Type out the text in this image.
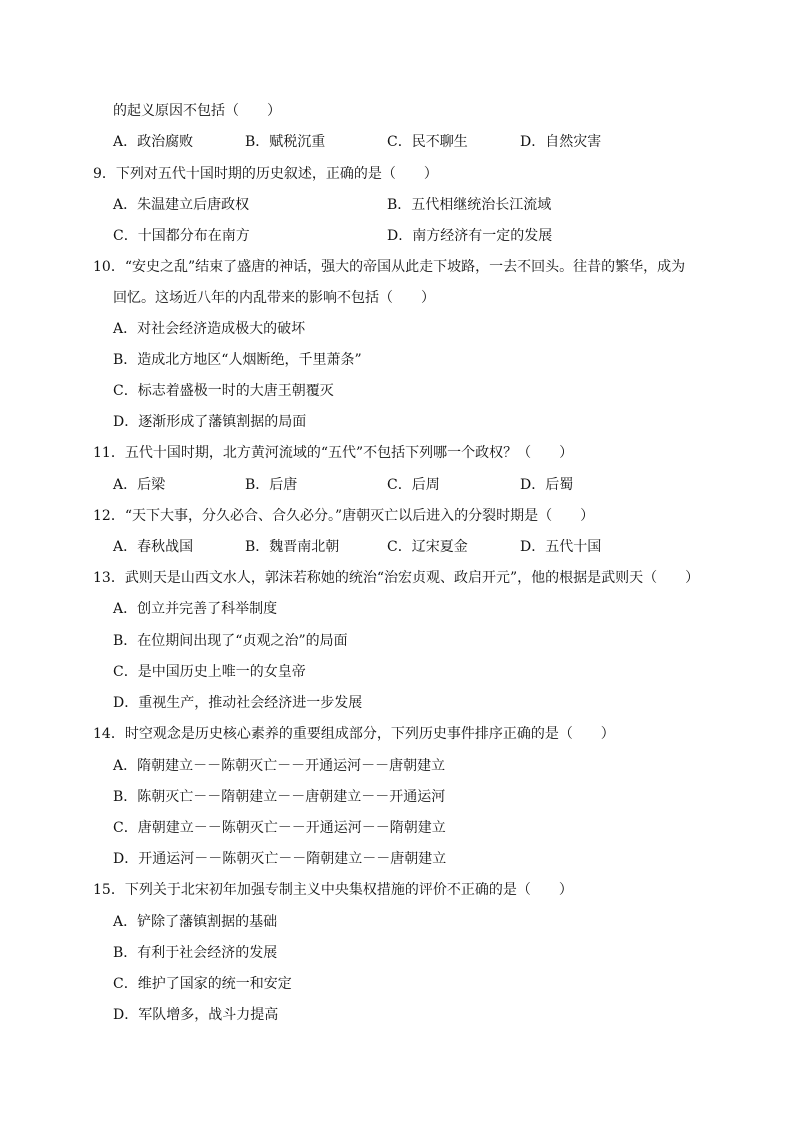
的起义原因不包括（　　）
A．政治腐败	B．赋税沉重	C．民不聊生	D．自然灾害
9．下列对五代十国时期的历史叙述，正确的是（　　）
A．朱温建立后唐政权	B．五代相继统治长江流域
C．十国都分布在南方	D．南方经济有一定的发展
10．“安史之乱”结束了盛唐的神话，强大的帝国从此走下坡路，一去不回头。往昔的繁华，成为
回忆。这场近八年的内乱带来的影响不包括（　　）
A．对社会经济造成极大的破坏
B．造成北方地区“人烟断绝，千里萧条”
C．标志着盛极一时的大唐王朝覆灭
D．逐渐形成了藩镇割据的局面
11．五代十国时期，北方黄河流域的“五代”不包括下列哪一个政权？（　　）
A．后梁	B．后唐	C．后周	D．后蜀
12．“天下大事，分久必合、合久必分。”唐朝灭亡以后进入的分裂时期是（　　）
A．春秋战国	B．魏晋南北朝	C．辽宋夏金	D．五代十国
13．武则天是山西文水人，郭沫若称她的统治“治宏贞观、政启开元”，他的根据是武则天（　　）
A．创立并完善了科举制度
B．在位期间出现了“贞观之治”的局面
C．是中国历史上唯一的女皇帝
D．重视生产，推动社会经济进一步发展
14．时空观念是历史核心素养的重要组成部分，下列历史事件排序正确的是（　　）
A．隋朝建立－－陈朝灭亡－－开通运河－－唐朝建立
B．陈朝灭亡－－隋朝建立－－唐朝建立－－开通运河
C．唐朝建立－－陈朝灭亡－－开通运河－－隋朝建立
D．开通运河－－陈朝灭亡－－隋朝建立－－唐朝建立
15．下列关于北宋初年加强专制主义中央集权措施的评价不正确的是（　　）
A．铲除了藩镇割据的基础
B．有利于社会经济的发展
C．维护了国家的统一和安定
D．军队增多，战斗力提高
